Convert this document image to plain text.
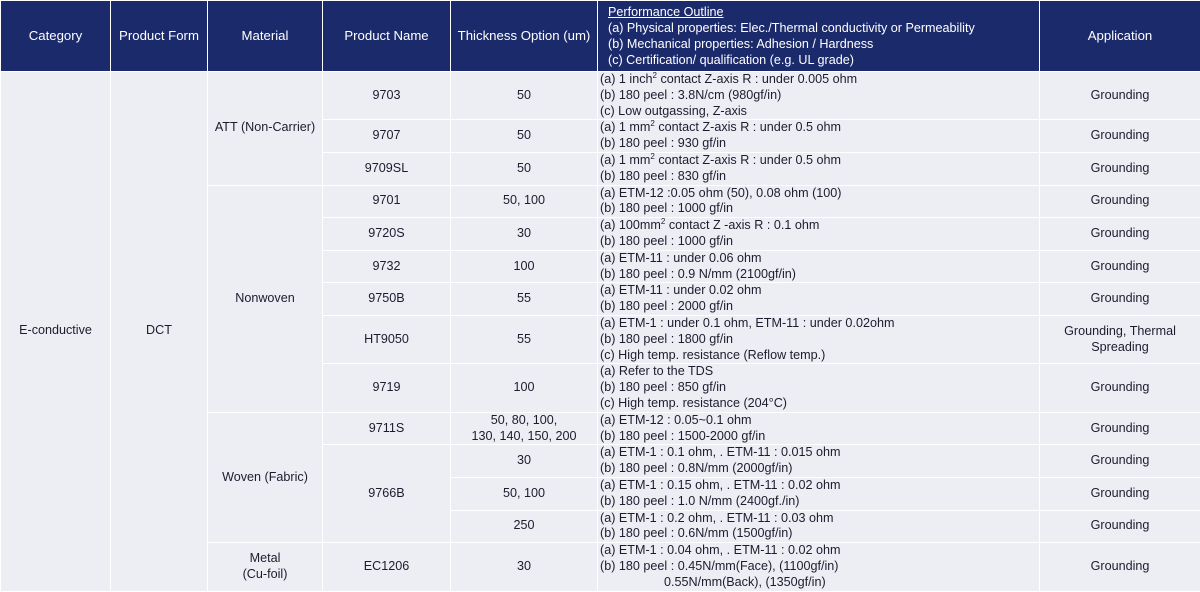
Category	Product Form	Material	Product Name	Thickness Option (um)	Performance Outline
(a) Physical properties: Elec./Thermal conductivity or Permeability
(b) Mechanical properties: Adhesion / Hardness
(c) Certification/ qualification (e.g. UL grade)	Application
E-conductive	DCT	ATT (Non-Carrier)	9703	50	(a) 1 inch$^2$ contact Z-axis R : under 0.005 ohm
(b) 180 peel : 3.8N/cm (980gf/in)
(c) Low outgassing, Z-axis	Grounding
			9707	50	(a) 1 $mm^2$ contact Z-axis R : under 0.5 ohm
(b) 180 peel : 930 gf/in	Grounding
			9709SL	50	(a) 1 $mm^2$ contact Z-axis R : under 0.5 ohm
(b) 180 peel : 830 gf/in	Grounding
		Nonwoven	9701	50, 100	(a) ETM-12 :0.05 ohm (50), 0.08 ohm (100)
(b) 180 peel : 1000 gf/in	Grounding
			9720S	30	(a) $100mm^2$ contact Z -axis R : 0.1 ohm
(b) 180 peel : 1000 gf/in	Grounding
			9732	100	(a) ETM-11 : under 0.06 ohm
(b) 180 peel : 0.9 N/mm (2100gf/in)	Grounding
			9750B	55	(a) ETM-11 : under 0.02 ohm
(b) 180 peel : 2000 gf/in	Grounding
			HT9050	55	(a) ETM-1 : under 0.1 ohm, ETM-11 : under 0.02ohm
(b) 180 peel : 1800 gf/in
(c) High temp. resistance (Reflow temp.)	Grounding, Thermal Spreading
			9719	100	(a) Refer to the TDS
(b) 180 peel : 850 gf/in
(c) High temp. resistance (204°C)	Grounding
		Woven (Fabric)	9711S	50, 80, 100,
130, 140, 150, 200	(a) ETM-12 : 0.05~0.1 ohm
(b) 180 peel : 1500-2000 gf/in	Grounding
			9766B	30	(a) ETM-1 : 0.1 ohm, . ETM-11 : 0.015 ohm
(b) 180 peel : 0.8N/mm (2000gf/in)	Grounding
				50, 100	(a) ETM-1 : 0.15 ohm, . ETM-11 : 0.02 ohm
(b) 180 peel : 1.0 N/mm (2400gf./in)	Grounding
				250	(a) ETM-1 : 0.2 ohm, . ETM-11 : 0.03 ohm
(b) 180 peel : 0.6N/mm (1500gf/in)	Grounding
		Metal
(Cu-foil)	EC1206	30	(a) ETM-1 : 0.04 ohm, . ETM-11 : 0.02 ohm
(b) 180 peel : 0.45N/mm(Face), (1100gf/in)
0.55N/mm(Back), (1350gf/in)	Grounding
